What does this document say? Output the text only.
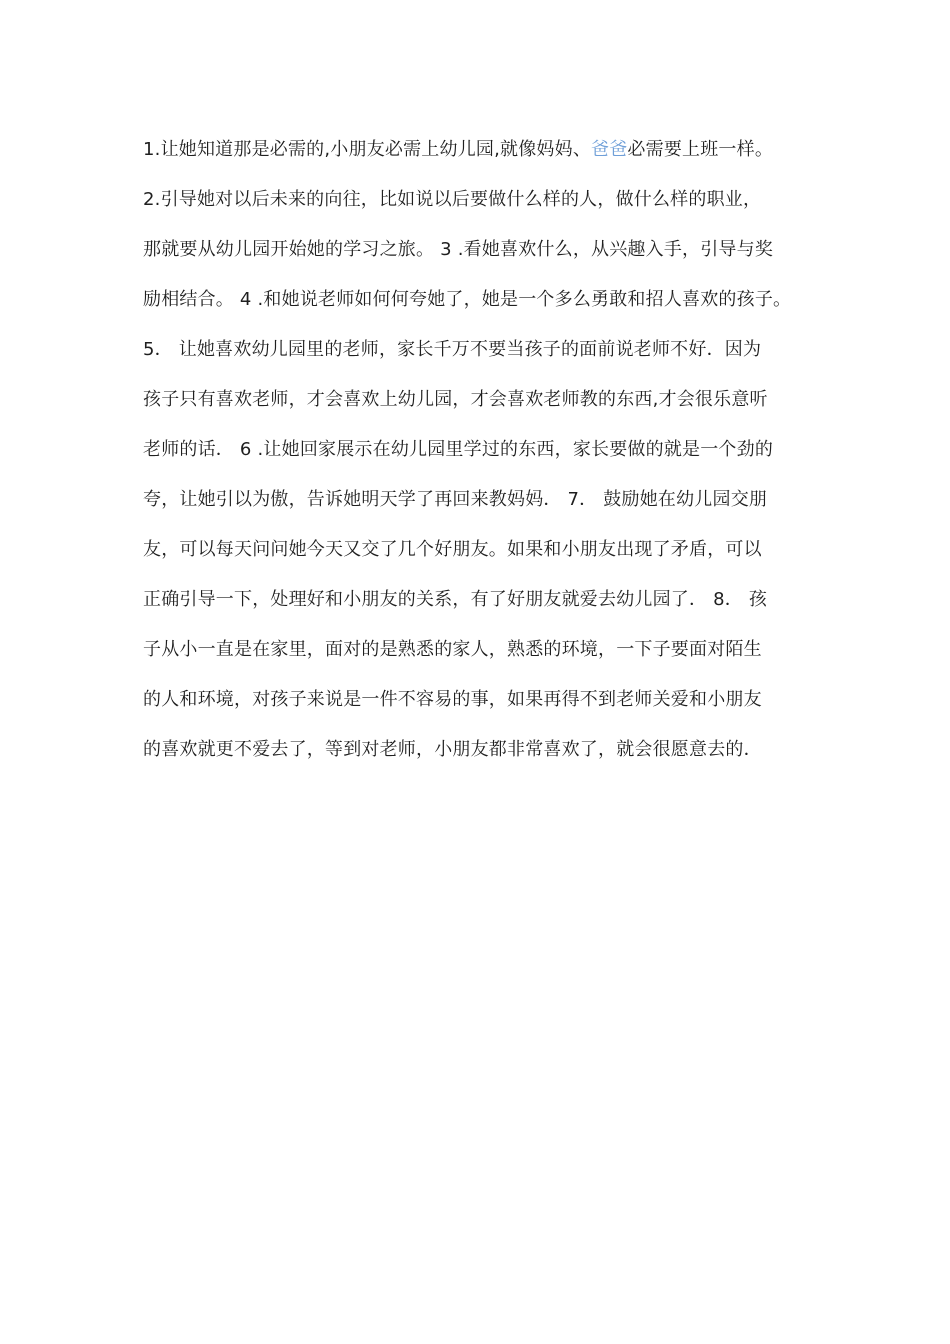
1.让她知道那是必需的,小朋友必需上幼儿园,就像妈妈、爸爸必需要上班一样。
2.引导她对以后未来的向往，比如说以后要做什么样的人，做什么样的职业，
那就要从幼儿园开始她的学习之旅。 3 .看她喜欢什么，从兴趣入手，引导与奖
励相结合。 4 .和她说老师如何何夸她了，她是一个多么勇敢和招人喜欢的孩子。
5． 让她喜欢幼儿园里的老师，家长千万不要当孩子的面前说老师不好．因为
孩子只有喜欢老师，才会喜欢上幼儿园，才会喜欢老师教的东西,才会很乐意听
老师的话． 6 .让她回家展示在幼儿园里学过的东西，家长要做的就是一个劲的
夸，让她引以为傲，告诉她明天学了再回来教妈妈． 7． 鼓励她在幼儿园交朋
友，可以每天问问她今天又交了几个好朋友。如果和小朋友出现了矛盾，可以
正确引导一下，处理好和小朋友的关系，有了好朋友就爱去幼儿园了． 8． 孩
子从小一直是在家里，面对的是熟悉的家人，熟悉的环境，一下子要面对陌生
的人和环境，对孩子来说是一件不容易的事，如果再得不到老师关爱和小朋友
的喜欢就更不爱去了，等到对老师，小朋友都非常喜欢了，就会很愿意去的．
